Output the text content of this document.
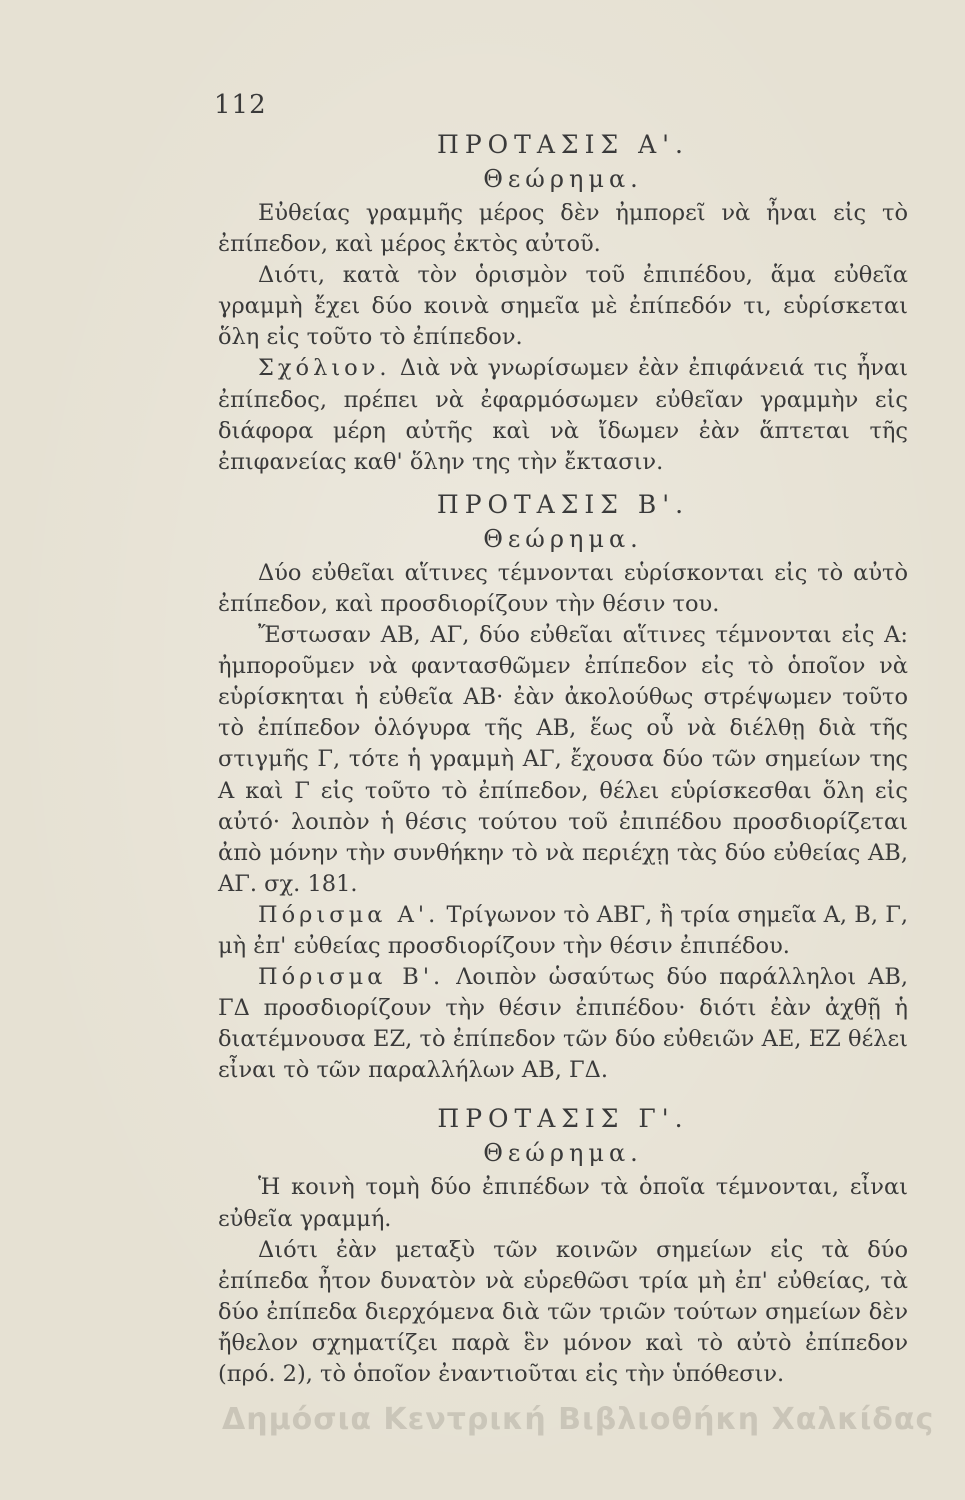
112
ΠΡΟΤΑΣΙΣ Α'.
Θεώρημα.

Εὐθείας γραμμῆς μέρος δὲν ἠμπορεῖ νὰ ἦναι εἰς τὸ ἐπίπεδον, καὶ μέρος ἐκτὸς αὐτοῦ.

Διότι, κατὰ τὸν ὁρισμὸν τοῦ ἐπιπέδου, ἅμα εὐθεῖα γραμμὴ ἔχει δύο κοινὰ σημεῖα μὲ ἐπίπεδόν τι, εὑρίσκεται ὅλη εἰς τοῦτο τὸ ἐπίπεδον.

Σχόλιον. Διὰ νὰ γνωρίσωμεν ἐὰν ἐπιφάνειά τις ἦναι ἐπίπεδος, πρέπει νὰ ἐφαρμόσωμεν εὐθεῖαν γραμμὴν εἰς διάφορα μέρη αὐτῆς καὶ νὰ ἴδωμεν ἐὰν ἅπτεται τῆς ἐπιφανείας καθ' ὅλην της τὴν ἔκτασιν.

ΠΡΟΤΑΣΙΣ Β'.
Θεώρημα.

Δύο εὐθεῖαι αἵτινες τέμνονται εὑρίσκονται εἰς τὸ αὐτὸ ἐπίπεδον, καὶ προσδιορίζουν τὴν θέσιν του.

Ἔστωσαν ΑΒ, ΑΓ, δύο εὐθεῖαι αἵτινες τέμνονται εἰς Α: ἠμποροῦμεν νὰ φαντασθῶμεν ἐπίπεδον εἰς τὸ ὁποῖον νὰ εὑρίσκηται ἡ εὐθεῖα ΑΒ· ἐὰν ἀκολούθως στρέψωμεν τοῦτο τὸ ἐπίπεδον ὁλόγυρα τῆς ΑΒ, ἕως οὗ νὰ διέλθῃ διὰ τῆς στιγμῆς Γ, τότε ἡ γραμμὴ ΑΓ, ἔχουσα δύο τῶν σημείων της Α καὶ Γ εἰς τοῦτο τὸ ἐπίπεδον, θέλει εὑρίσκεσθαι ὅλη εἰς αὐτό· λοιπὸν ἡ θέσις τούτου τοῦ ἐπιπέδου προσδιορίζεται ἀπὸ μόνην τὴν συνθήκην τὸ νὰ περιέχῃ τὰς δύο εὐθείας ΑΒ, ΑΓ. σχ. 181.

Πόρισμα Α'. Τρίγωνον τὸ ΑΒΓ, ἢ τρία σημεῖα Α, Β, Γ, μὴ ἐπ' εὐθείας προσδιορίζουν τὴν θέσιν ἐπιπέδου.

Πόρισμα Β'. Λοιπὸν ὡσαύτως δύο παράλληλοι ΑΒ, ΓΔ προσδιορίζουν τὴν θέσιν ἐπιπέδου· διότι ἐὰν ἀχθῇ ἡ διατέμνουσα ΕΖ, τὸ ἐπίπεδον τῶν δύο εὐθειῶν ΑΕ, ΕΖ θέλει εἶναι τὸ τῶν παραλλήλων ΑΒ, ΓΔ.

ΠΡΟΤΑΣΙΣ Γ'.
Θεώρημα.

Ἡ κοινὴ τομὴ δύο ἐπιπέδων τὰ ὁποῖα τέμνονται, εἶναι εὐθεῖα γραμμή.

Διότι ἐὰν μεταξὺ τῶν κοινῶν σημείων εἰς τὰ δύο ἐπίπεδα ἦτον δυνατὸν νὰ εὑρεθῶσι τρία μὴ ἐπ' εὐθείας, τὰ δύο ἐπίπεδα διερχόμενα διὰ τῶν τριῶν τούτων σημείων δὲν ἤθελον σχηματίζει παρὰ ἓν μόνον καὶ τὸ αὐτὸ ἐπίπεδον (πρό. 2), τὸ ὁποῖον ἐναντιοῦται εἰς τὴν ὑπόθεσιν.

Δημόσια Κεντρική Βιβλιοθήκη Χαλκίδας
